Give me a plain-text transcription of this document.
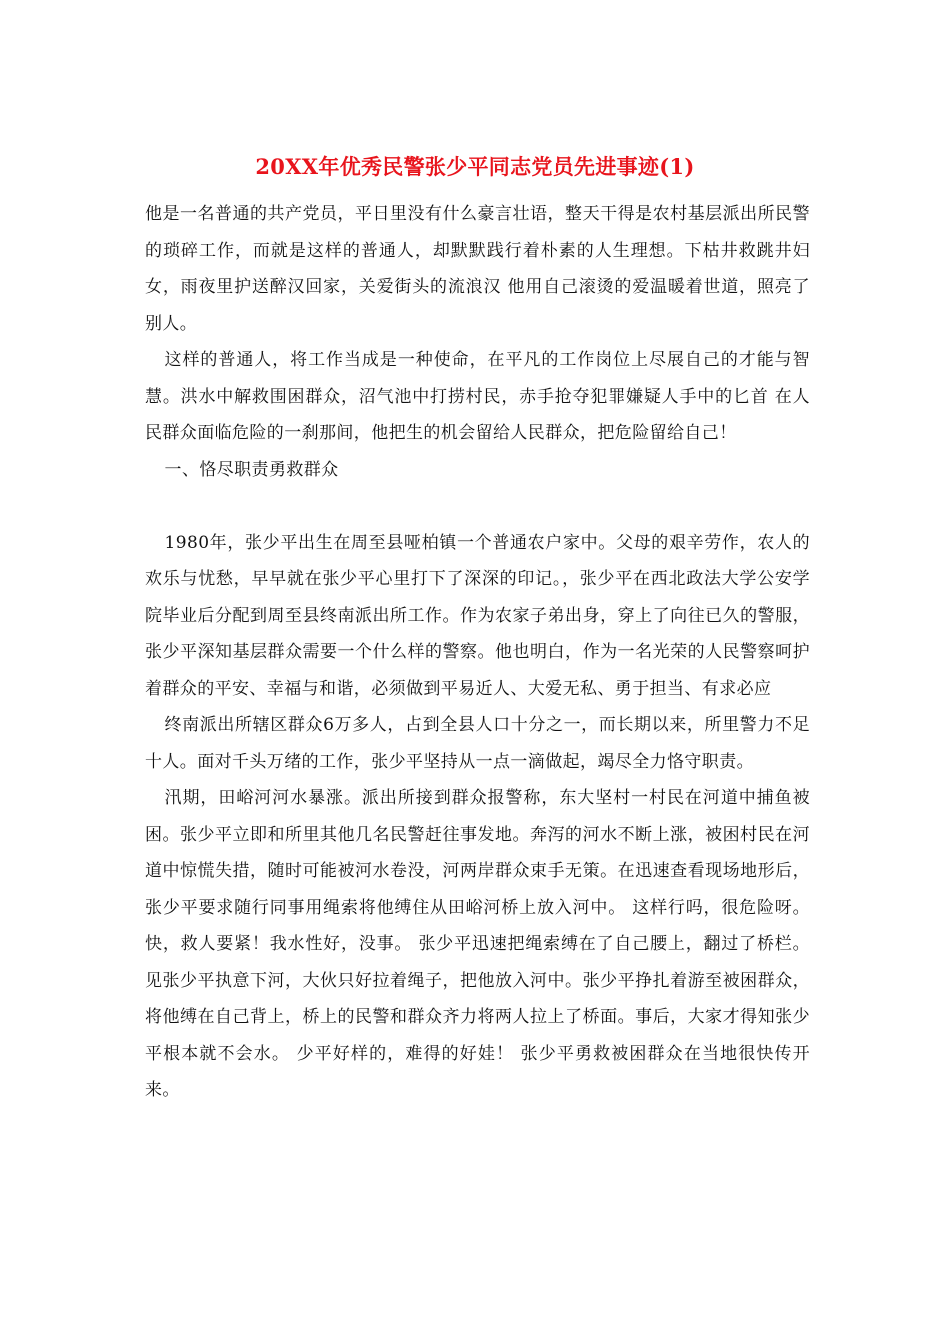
20XX年优秀民警张少平同志党员先进事迹(1)

他是一名普通的共产党员，平日里没有什么豪言壮语，整天干得是农村基层派出所民警的琐碎工作，而就是这样的普通人，却默默践行着朴素的人生理想。下枯井救跳井妇女，雨夜里护送醉汉回家，关爱街头的流浪汉 他用自己滚烫的爱温暖着世道，照亮了别人。

这样的普通人，将工作当成是一种使命，在平凡的工作岗位上尽展自己的才能与智慧。洪水中解救围困群众，沼气池中打捞村民，赤手抢夺犯罪嫌疑人手中的匕首 在人民群众面临危险的一刹那间，他把生的机会留给人民群众，把危险留给自己！

一、恪尽职责勇救群众

1980年，张少平出生在周至县哑柏镇一个普通农户家中。父母的艰辛劳作，农人的欢乐与忧愁，早早就在张少平心里打下了深深的印记。，张少平在西北政法大学公安学院毕业后分配到周至县终南派出所工作。作为农家子弟出身，穿上了向往已久的警服，张少平深知基层群众需要一个什么样的警察。他也明白，作为一名光荣的人民警察呵护着群众的平安、幸福与和谐，必须做到平易近人、大爱无私、勇于担当、有求必应

终南派出所辖区群众6万多人，占到全县人口十分之一，而长期以来，所里警力不足十人。面对千头万绪的工作，张少平坚持从一点一滴做起，竭尽全力恪守职责。

汛期，田峪河河水暴涨。派出所接到群众报警称，东大坚村一村民在河道中捕鱼被困。张少平立即和所里其他几名民警赶往事发地。奔泻的河水不断上涨，被困村民在河道中惊慌失措，随时可能被河水卷没，河两岸群众束手无策。在迅速查看现场地形后，张少平要求随行同事用绳索将他缚住从田峪河桥上放入河中。 这样行吗，很危险呀。 快，救人要紧！我水性好，没事。 张少平迅速把绳索缚在了自己腰上，翻过了桥栏。见张少平执意下河，大伙只好拉着绳子，把他放入河中。张少平挣扎着游至被困群众，将他缚在自己背上，桥上的民警和群众齐力将两人拉上了桥面。事后，大家才得知张少平根本就不会水。 少平好样的，难得的好娃！ 张少平勇救被困群众在当地很快传开来。
